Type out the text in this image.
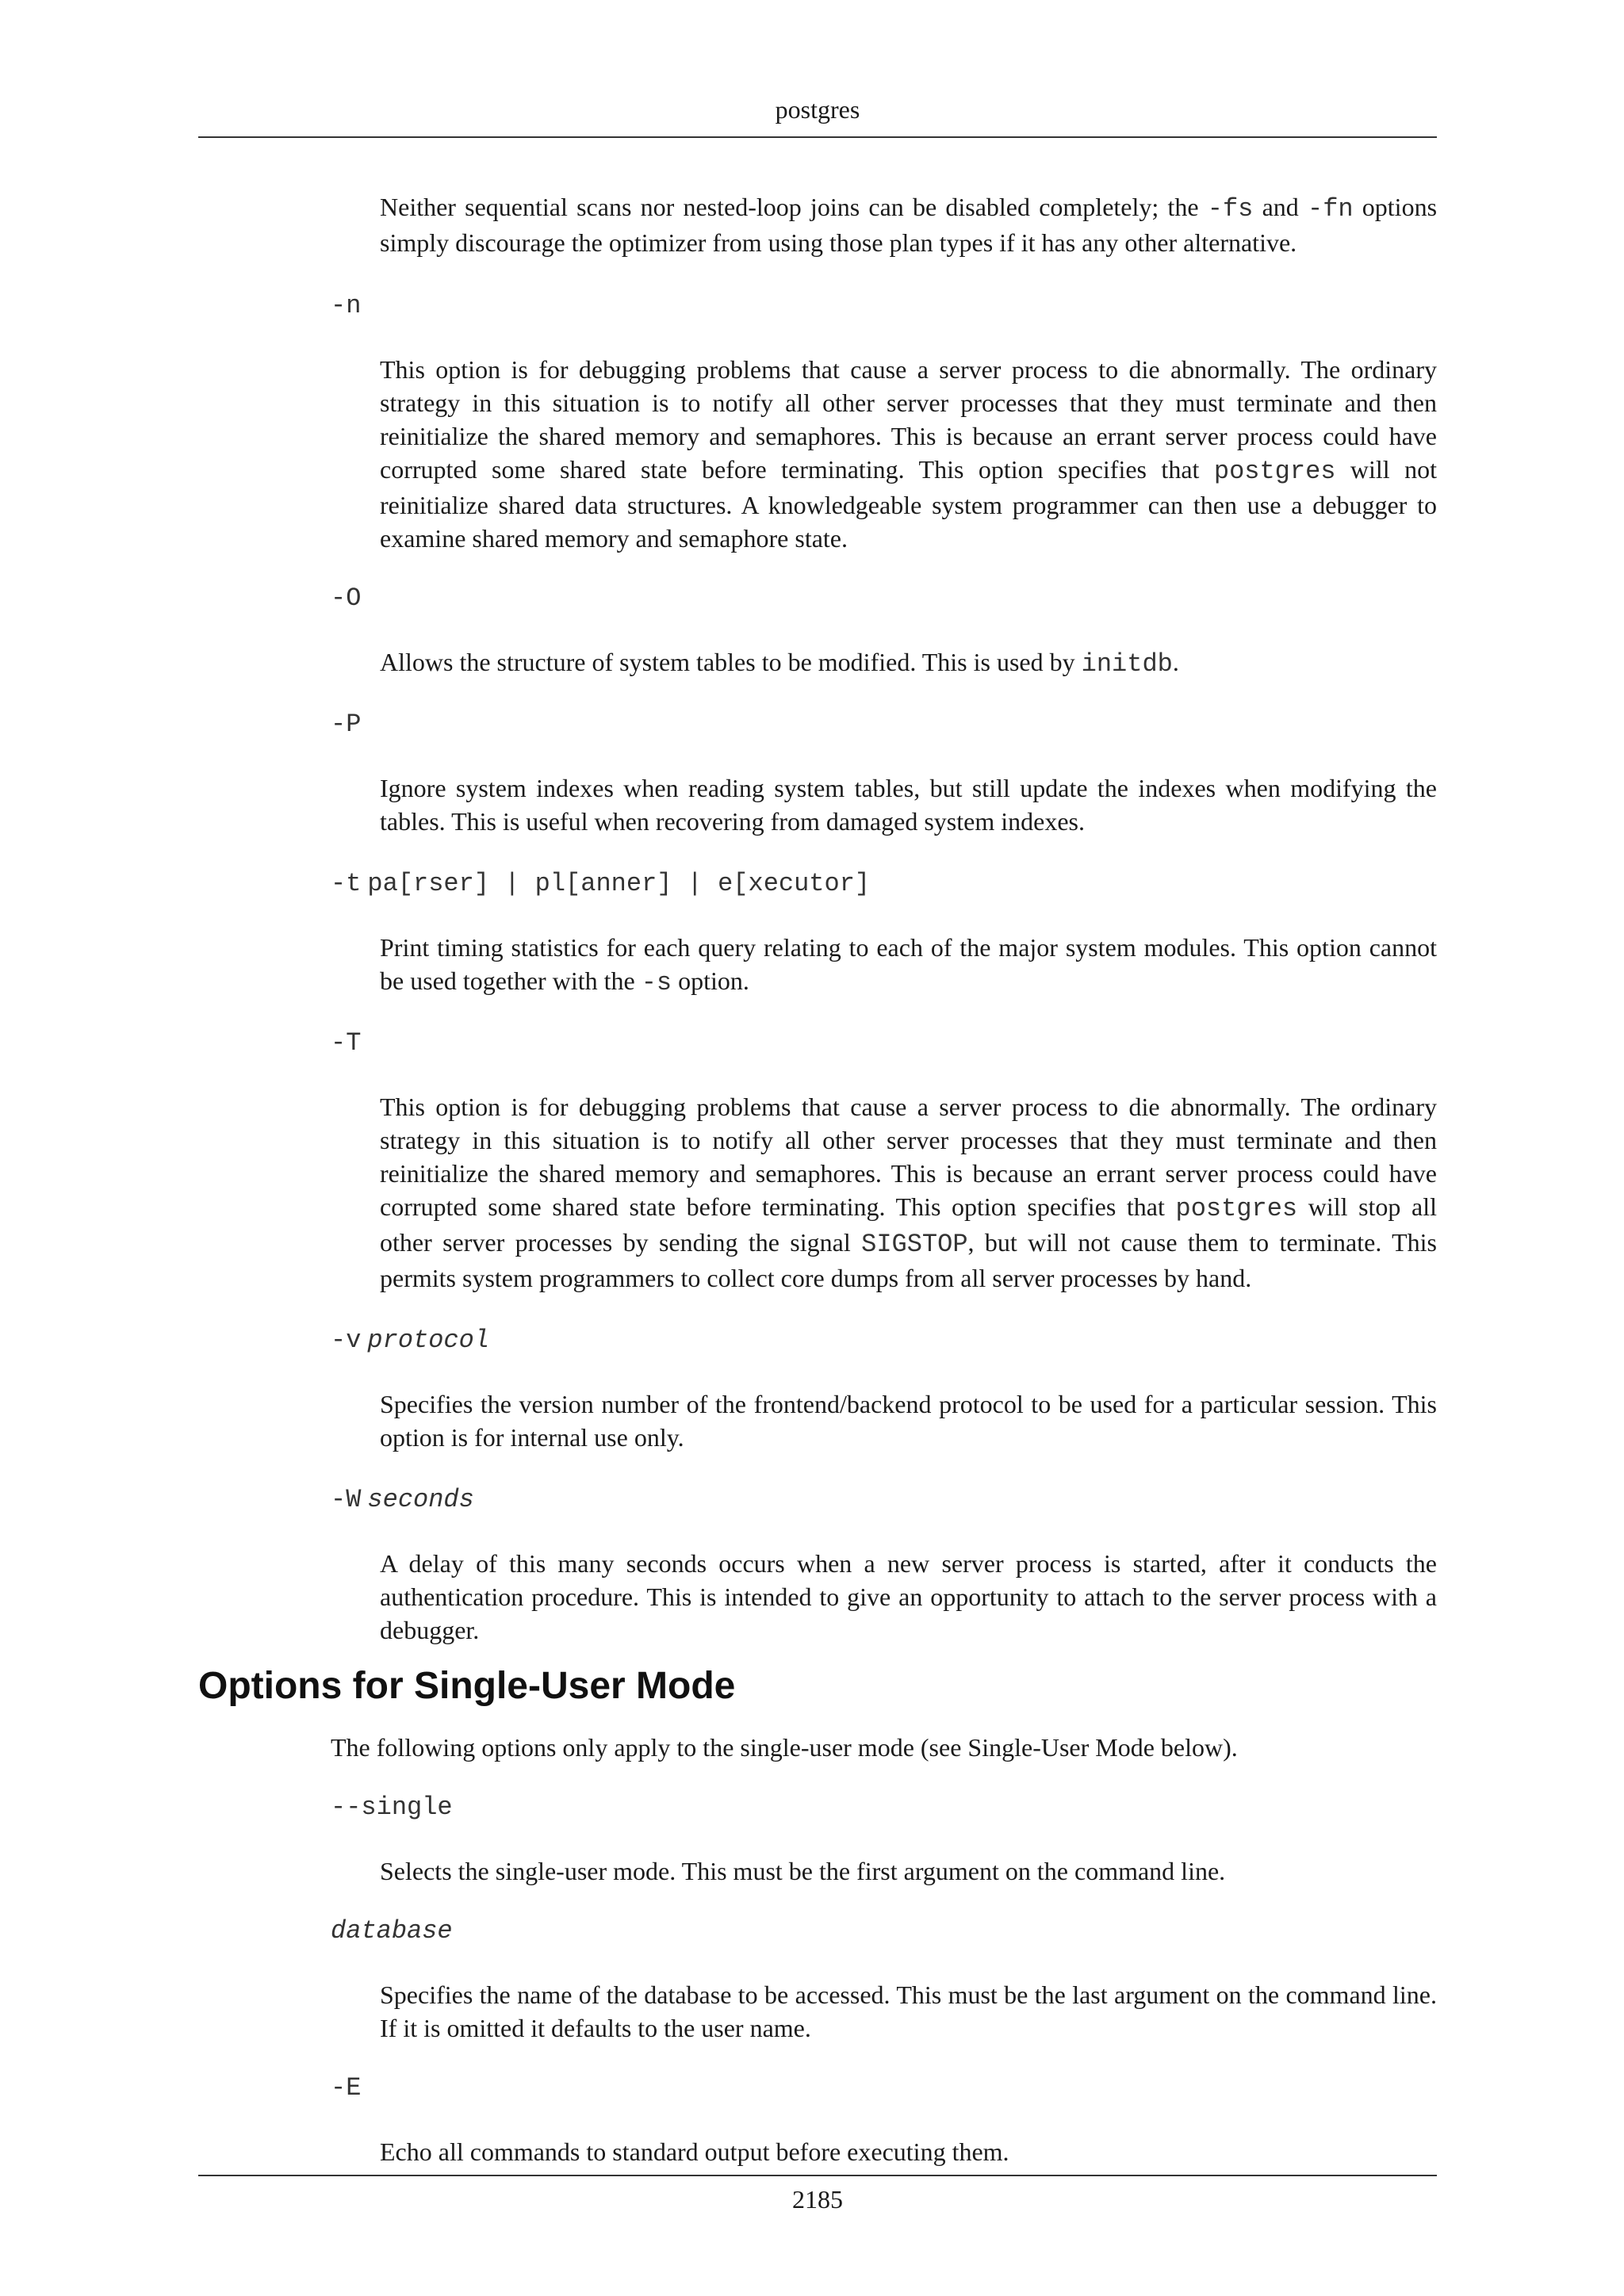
postgres

Neither sequential scans nor nested-loop joins can be disabled completely; the -fs and -fn options simply discourage the optimizer from using those plan types if it has any other alternative.

-n

This option is for debugging problems that cause a server process to die abnormally. The ordinary strategy in this situation is to notify all other server processes that they must terminate and then reinitialize the shared memory and semaphores. This is because an errant server process could have corrupted some shared state before terminating. This option specifies that postgres will not reinitialize shared data structures. A knowledgeable system programmer can then use a debugger to examine shared memory and semaphore state.

-O

Allows the structure of system tables to be modified. This is used by initdb.

-P

Ignore system indexes when reading system tables, but still update the indexes when modifying the tables. This is useful when recovering from damaged system indexes.

-t pa[rser] | pl[anner] | e[xecutor]

Print timing statistics for each query relating to each of the major system modules. This option cannot be used together with the -s option.

-T

This option is for debugging problems that cause a server process to die abnormally. The ordinary strategy in this situation is to notify all other server processes that they must terminate and then reinitialize the shared memory and semaphores. This is because an errant server process could have corrupted some shared state before terminating. This option specifies that postgres will stop all other server processes by sending the signal SIGSTOP, but will not cause them to terminate. This permits system programmers to collect core dumps from all server processes by hand.

-v protocol

Specifies the version number of the frontend/backend protocol to be used for a particular session. This option is for internal use only.

-W seconds

A delay of this many seconds occurs when a new server process is started, after it conducts the authentication procedure. This is intended to give an opportunity to attach to the server process with a debugger.

Options for Single-User Mode

The following options only apply to the single-user mode (see Single-User Mode below).

--single

Selects the single-user mode. This must be the first argument on the command line.

database

Specifies the name of the database to be accessed. This must be the last argument on the command line. If it is omitted it defaults to the user name.

-E

Echo all commands to standard output before executing them.

2185
